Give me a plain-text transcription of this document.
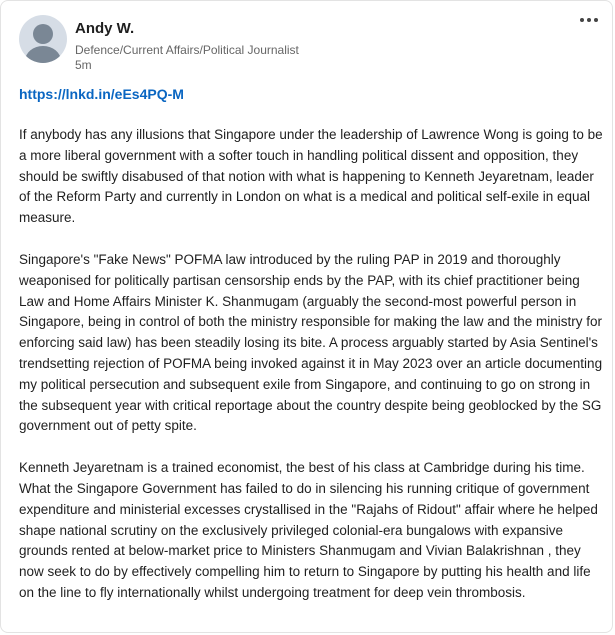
Andy W.
Defence/Current Affairs/Political Journalist
5m
https://lnkd.in/eEs4PQ-M

If anybody has any illusions that Singapore under the leadership of Lawrence Wong is going to be a more liberal government with a softer touch in handling political dissent and opposition, they should be swiftly disabused of that notion with what is happening to Kenneth Jeyaretnam, leader of the Reform Party and currently in London on what is a medical and political self-exile in equal measure.

Singapore's "Fake News" POFMA law introduced by the ruling PAP in 2019 and thoroughly weaponised for politically partisan censorship ends by the PAP, with its chief practitioner being Law and Home Affairs Minister K. Shanmugam (arguably the second-most powerful person in Singapore, being in control of both the ministry responsible for making the law and the ministry for enforcing said law) has been steadily losing its bite. A process arguably started by Asia Sentinel's trendsetting rejection of POFMA being invoked against it in May 2023 over an article documenting my political persecution and subsequent exile from Singapore, and continuing to go on strong in the subsequent year with critical reportage about the country despite being geoblocked by the SG government out of petty spite.

Kenneth Jeyaretnam is a trained economist, the best of his class at Cambridge during his time. What the Singapore Government has failed to do in silencing his running critique of government expenditure and ministerial excesses crystallised in the "Rajahs of Ridout" affair where he helped shape national scrutiny on the exclusively privileged colonial-era bungalows with expansive grounds rented at below-market price to Ministers Shanmugam and Vivian Balakrishnan , they now seek to do by effectively compelling him to return to Singapore by putting his health and life on the line to fly internationally whilst undergoing treatment for deep vein thrombosis.
